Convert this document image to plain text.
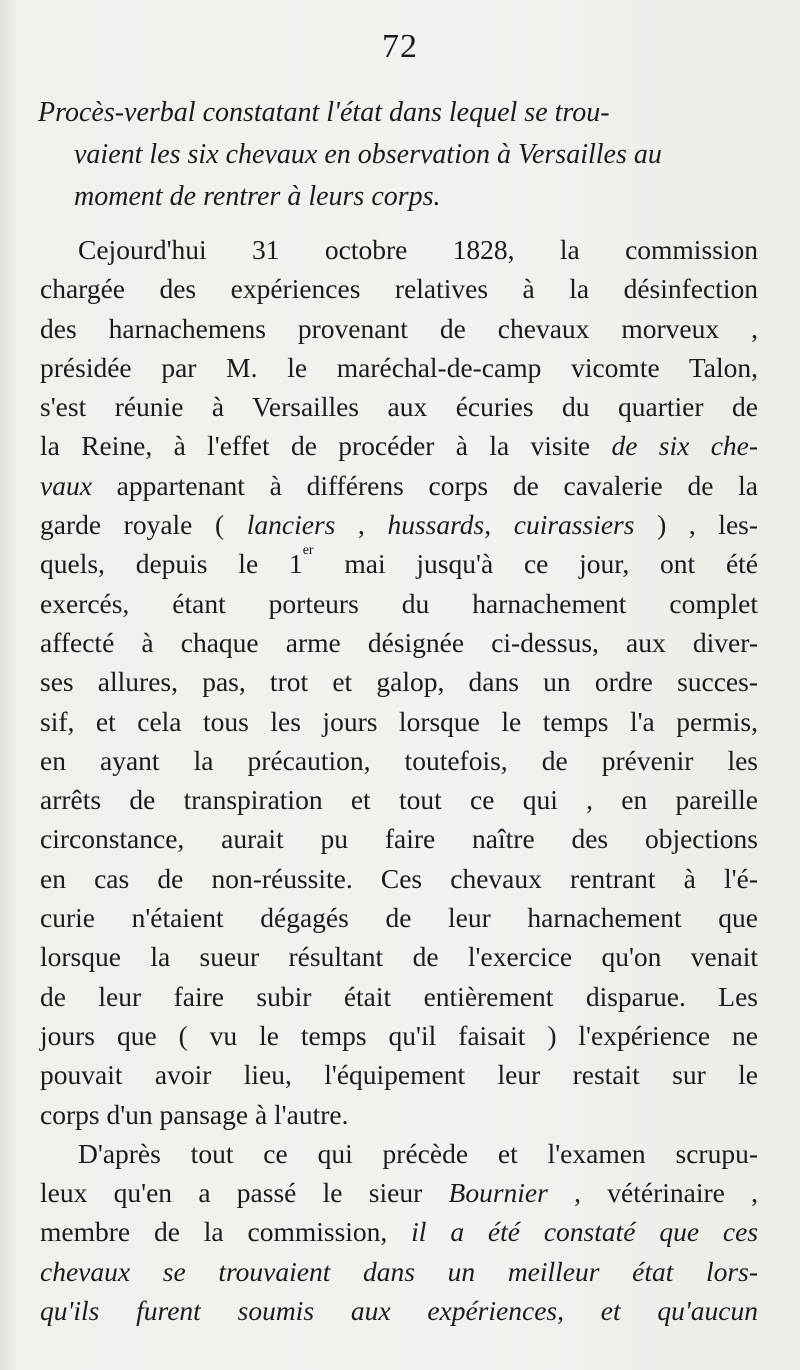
72
Procès-verbal constatant l'état dans lequel se trou-
vaient les six chevaux en observation à Versailles au
moment de rentrer à leurs corps.
Cejourd'hui 31 octobre 1828, la commission
chargée des expériences relatives à la désinfection
des harnachemens provenant de chevaux morveux ,
présidée par M. le maréchal-de-camp vicomte Talon,
s'est réunie à Versailles aux écuries du quartier de
la Reine, à l'effet de procéder à la visite de six che-
vaux appartenant à différens corps de cavalerie de la
garde royale ( lanciers , hussards, cuirassiers ) , les-
quels, depuis le 1er mai jusqu'à ce jour, ont été
exercés, étant porteurs du harnachement complet
affecté à chaque arme désignée ci-dessus, aux diver-
ses allures, pas, trot et galop, dans un ordre succes-
sif, et cela tous les jours lorsque le temps l'a permis,
en ayant la précaution, toutefois, de prévenir les
arrêts de transpiration et tout ce qui , en pareille
circonstance, aurait pu faire naître des objections
en cas de non-réussite. Ces chevaux rentrant à l'é-
curie n'étaient dégagés de leur harnachement que
lorsque la sueur résultant de l'exercice qu'on venait
de leur faire subir était entièrement disparue. Les
jours que ( vu le temps qu'il faisait ) l'expérience ne
pouvait avoir lieu, l'équipement leur restait sur le
corps d'un pansage à l'autre.
D'après tout ce qui précède et l'examen scrupu-
leux qu'en a passé le sieur Bournier , vétérinaire ,
membre de la commission, il a été constaté que ces
chevaux se trouvaient dans un meilleur état lors-
qu'ils furent soumis aux expériences, et qu'aucun
